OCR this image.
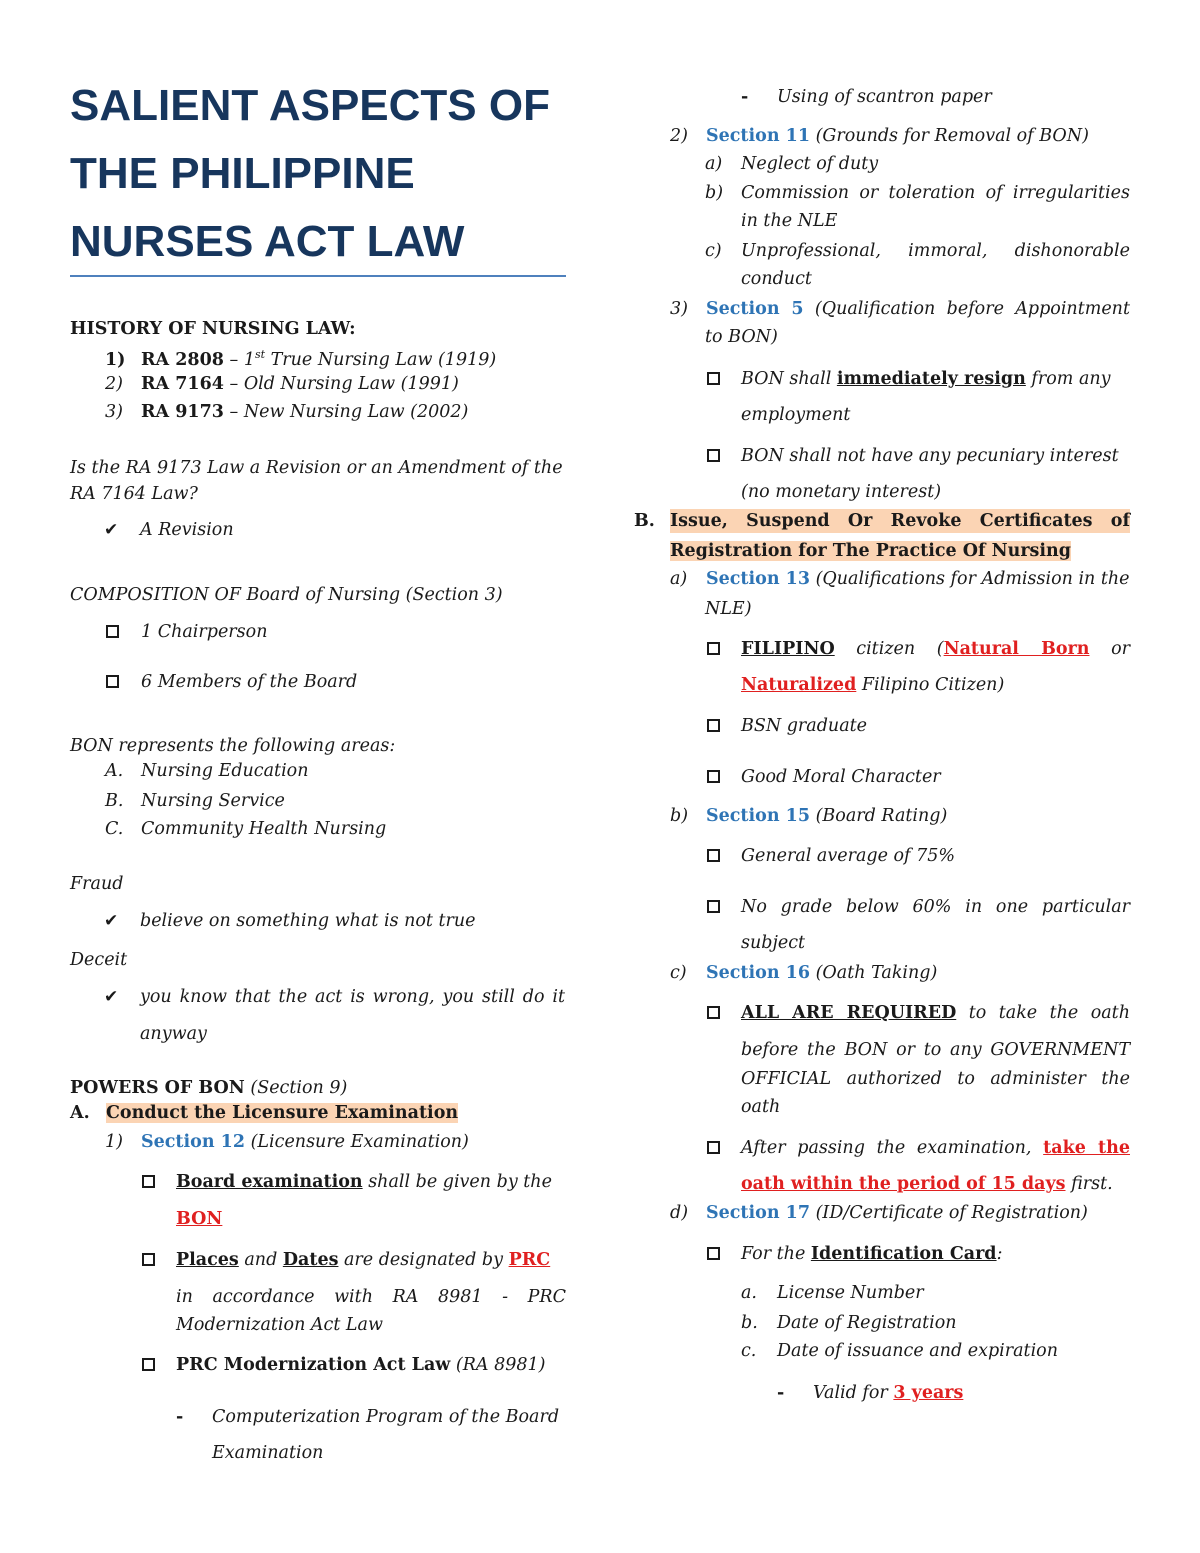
SALIENT ASPECTS OF
THE PHILIPPINE
NURSES ACT LAW
HISTORY OF NURSING LAW:
1) RA 2808 – 1st True Nursing Law (1919)
2) RA 7164 – Old Nursing Law (1991)
3) RA 9173 – New Nursing Law (2002)
Is the RA 9173 Law a Revision or an Amendment of the
RA 7164 Law?
✔ A Revision
COMPOSITION OF Board of Nursing (Section 3)
1 Chairperson
6 Members of the Board
BON represents the following areas:
A. Nursing Education
B. Nursing Service
C. Community Health Nursing
Fraud
✔ believe on something what is not true
Deceit
✔ you know that the act is wrong, you still do it
anyway
POWERS OF BON (Section 9)
A. Conduct the Licensure Examination
1) Section 12 (Licensure Examination)
Board examination shall be given by the
BON
Places and Dates are designated by PRC
in accordance with RA 8981 - PRC
Modernization Act Law
PRC Modernization Act Law (RA 8981)
- Computerization Program of the Board
Examination
- Using of scantron paper
2) Section 11 (Grounds for Removal of BON)
a) Neglect of duty
b) Commission or toleration of irregularities
in the NLE
c) Unprofessional, immoral, dishonorable
conduct
3) Section 5 (Qualification before Appointment
to BON)
BON shall immediately resign from any
employment
BON shall not have any pecuniary interest
(no monetary interest)
B. Issue, Suspend Or Revoke Certificates of
Registration for The Practice Of Nursing
a) Section 13 (Qualifications for Admission in the
NLE)
FILIPINO citizen (Natural Born or
Naturalized Filipino Citizen)
BSN graduate
Good Moral Character
b) Section 15 (Board Rating)
General average of 75%
No grade below 60% in one particular
subject
c) Section 16 (Oath Taking)
ALL ARE REQUIRED to take the oath
before the BON or to any GOVERNMENT
OFFICIAL authorized to administer the
oath
After passing the examination, take the
oath within the period of 15 days first.
d) Section 17 (ID/Certificate of Registration)
For the Identification Card:
a. License Number
b. Date of Registration
c. Date of issuance and expiration
- Valid for 3 years
